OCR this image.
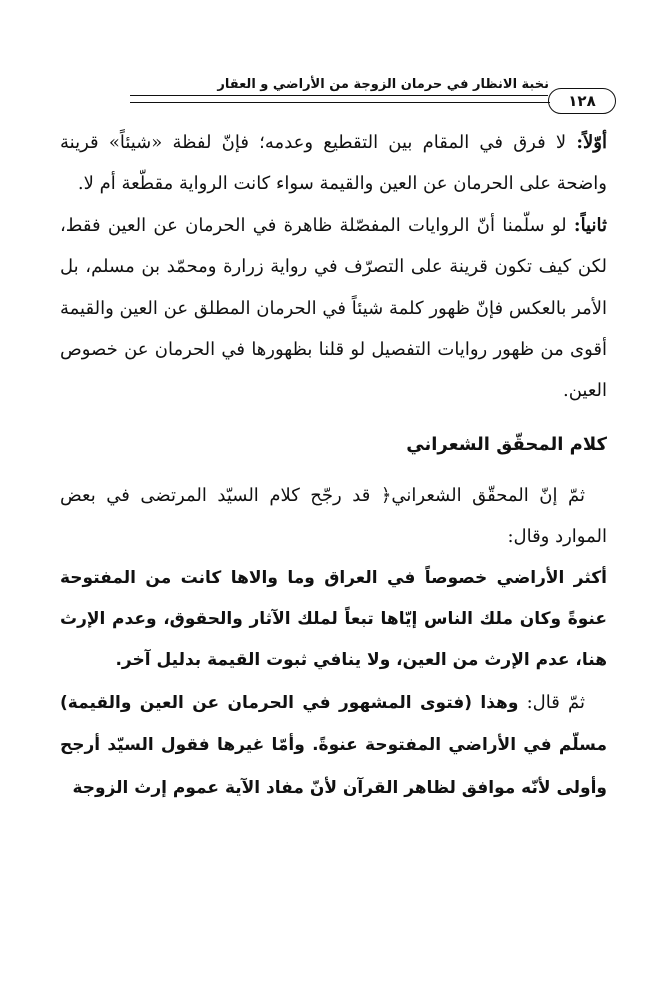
نخبة الانظار في حرمان الزوجة من الأراضي و العقار
١٢٨

أوّلاً: لا فرق في المقام بين التقطيع وعدمه؛ فإنّ لفظة «شيئاً» قرينة واضحة على الحرمان عن العين والقيمة سواء كانت الرواية مقطّعة أم لا.

ثانياً: لو سلّمنا أنّ الروايات المفصّلة ظاهرة في الحرمان عن العين فقط، لكن كيف تكون قرينة على التصرّف في رواية زرارة ومحمّد بن مسلم، بل الأمر بالعكس فإنّ ظهور كلمة شيئاً في الحرمان المطلق عن العين والقيمة أقوى من ظهور روايات التفصيل لو قلنا بظهورها في الحرمان عن خصوص العين.

كلام المحقّق الشعراني

ثمّ إنّ المحقّق الشعراني﴿ قد رجّح كلام السيّد المرتضى في بعض الموارد وقال:

أكثر الأراضي خصوصاً في العراق وما والاها كانت من المفتوحة عنوةً وكان ملك الناس إيّاها تبعاً لملك الآثار والحقوق، وعدم الإرث هنا، عدم الإرث من العين، ولا ينافي ثبوت القيمة بدليل آخر.

ثمّ قال: وهذا (فتوى المشهور في الحرمان عن العين والقيمة) مسلّم في الأراضي المفتوحة عنوةً. وأمّا غيرها فقول السيّد أرجح وأولى لأنّه موافق لظاهر القرآن لأنّ مفاد الآية عموم إرث الزوجة
